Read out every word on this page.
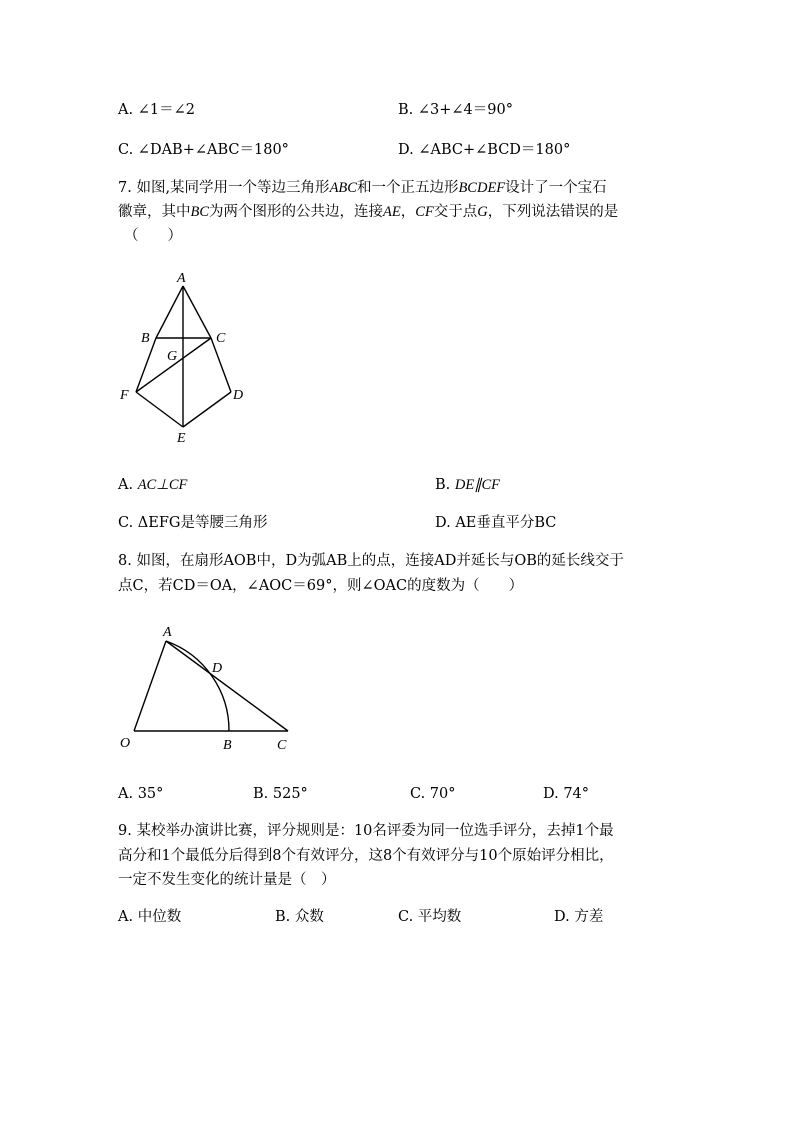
A. ∠1＝∠2	B. ∠3+∠4＝90°
C. ∠DAB+∠ABC＝180°	D. ∠ABC+∠BCD＝180°
7. 如图,某同学用一个等边三角形ABC和一个正五边形BCDEF设计了一个宝石
徽章，其中BC为两个图形的公共边，连接AE，CF交于点G，下列说法错误的是
（　　）
A
B	C
G
F	D
E
A. AC⊥CF	B. DE∥CF
C. ΔEFG是等腰三角形	D. AE垂直平分BC
8. 如图，在扇形AOB中，D为弧AB上的点，连接AD并延长与OB的延长线交于
点C，若CD＝OA，∠AOC＝69°，则∠OAC的度数为（　　）
A
D
O	B	C
A. 35°	B. 525°	C. 70°	D. 74°
9. 某校举办演讲比赛，评分规则是：10名评委为同一位选手评分，去掉1个最
高分和1个最低分后得到8个有效评分，这8个有效评分与10个原始评分相比，
一定不发生变化的统计量是（　）
A. 中位数	B. 众数	C. 平均数	D. 方差
